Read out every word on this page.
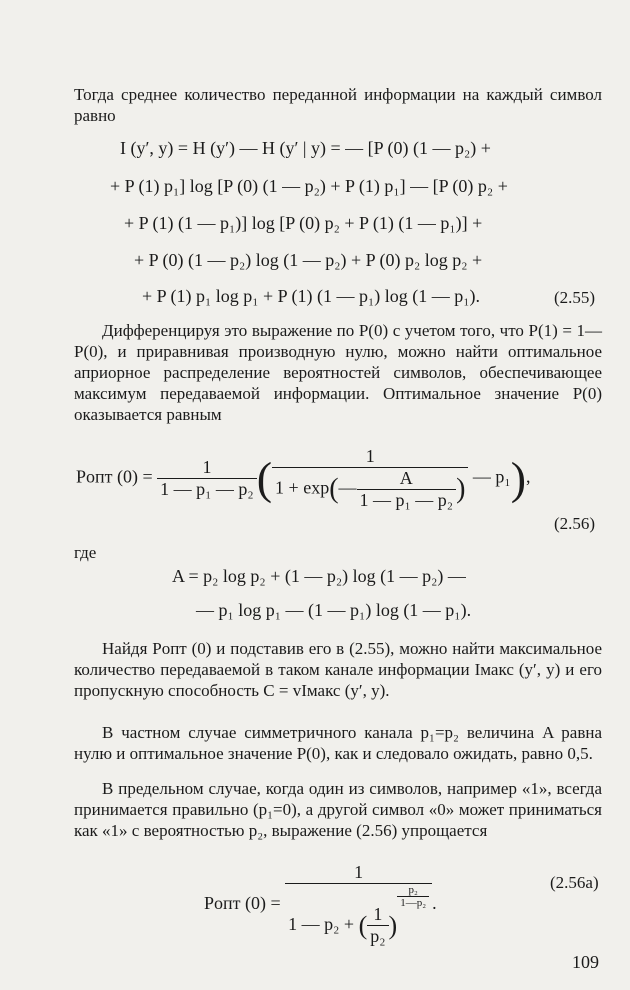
Тогда среднее количество переданной информации на каждый символ равно

I (y′, y) = H (y′) — H (y′ | y) = — [P (0) (1 — p₂) +
+ P (1) p₁] log [P (0) (1 — p₂) + P (1) p₁] — [P (0) p₂ +
+ P (1) (1 — p₁)] log [P (0) p₂ + P (1) (1 — p₁)] +
+ P (0) (1 — p₂) log (1 — p₂) + P (0) p₂ log p₂ +
+ P (1) p₁ log p₁ + P (1) (1 — p₁) log (1 — p₁).	(2.55)

Дифференцируя это выражение по P(0) с учетом того, что P(1) = 1—P(0), и приравнивая производную нулю, можно найти оптимальное априорное распределение вероятностей символов, обеспечивающее максимум передаваемой информации. Оптимальное значение P(0) оказывается равным

Pопт $(0) = \frac{1}{\text{1 — p₁ — p₂}}$ ( $\frac{1}{1 + \exp(— \frac{A}{\text{1 — p₁ — p₂}} )}$ — p₁),
(2.56)

где

A = p₂ log p₂ + (1 — p₂) log (1 — p₂) —
— p₁ log p₁ — (1 — p₁) log (1 — p₁).

Найдя Pопт (0) и подставив его в (2.55), можно найти максимальное количество передаваемой в таком канале информации Iмакс (y′, y) и его пропускную способность C = vIмакс (y′, y).

В частном случае симметричного канала p₁=p₂ величина A равна нулю и оптимальное значение P(0), как и следовало ожидать, равно 0,5.

В предельном случае, когда один из символов, например «1», всегда принимается правильно (p₁=0), а другой символ «0» может приниматься как «1» с вероятностью p₂, выражение (2.56) упрощается

Pопт (0) =
1
1 — p₂ + ( $\frac{1}{\text{p₂}}$ )
$\frac{\text{p₂}}{\text{1—p₂}}$ .
(2.56a)
109
